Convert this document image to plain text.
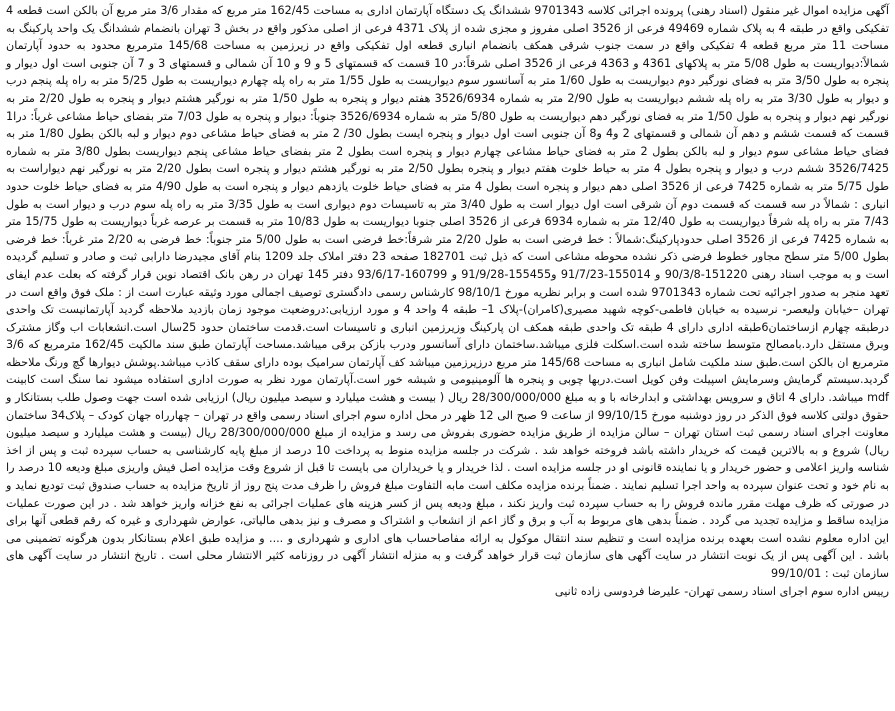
آگهی مزایده اموال غیر منقول (اسناد رهنی) پرونده اجرائی کلاسه 9701343 ششدانگ یک دستگاه آپارتمان اداری به مساحت 162/45 متر مربع که مقدار 3/6 متر مربع آن بالکن است قطعه 4 تفکیکی واقع در طبقه 4 به پلاک شماره 49469 فرعی از 3526 اصلی مفروز و مجزی شده از پلاک 4371 فرعی از اصلی مذکور واقع در بخش 3 تهران بانضمام ششدانگ یک واحد پارکینگ به مساحت 11 متر مربع قطعه 4 تفکیکی واقع در سمت جنوب شرقی همکف بانضمام انباری قطعه اول تفکیکی واقع در زیرزمین به مساحت 145/68 مترمربع محدود به حدود آپارتمان شمالاً:دیواریست به طول 5/08 متر به پلاکهای 4361 و 4363 فرعی از 3526 اصلی شرقاً:در 10 قسمت که قسمتهای 5 و 9 و 10 آن شمالی و قسمتهای 3 و 7 آن جنوبی است اول دیوار و پنجره به طول 3/50 متر به فضای نورگیر دوم دیواریست به طول 1/60 متر به آسانسور سوم دیواریست به طول 1/55 متر به راه پله چهارم دیواریست به طول 5/25 متر به راه پله پنجم درب و دیوار به طول 3/30 متر به راه پله ششم دیواریست به طول 2/90 متر به شماره 3526/6934 هفتم دیوار و پنجره به طول 1/50 متر به نورگیر هشتم دیوار و پنجره به طول 2/20 متر به نورگیر نهم دیوار و پنجره به طول 1/50 متر به فضای نورگیر دهم دیواریست به طول 5/80 متر به شماره 3526/6934 جنوباً: دیوار و پنجره به طول 7/03 متر بفضای حیاط مشاعی غرباً: درا1 قسمت که قسمت ششم و دهم آن شمالی و قسمتهای 2 و4 و8 آن جنوبی است اول دیوار و پنجره ایست بطول 30/ 2 متر به فضای حیاط مشاعی دوم دیوار و لبه بالکن بطول 1/80 متر به فضای حیاط مشاعی سوم دیوار و لبه بالکن بطول 2 متر به فضای حیاط مشاعی چهارم دیوار و پنجره است بطول 2 متر بفضای حیاط مشاعی پنجم دیواریست بطول 3/80 متر به شماره 3526/7425 ششم درب و دیوار و پنجره بطول 4 متر به حیاط خلوت هفتم دیوار و پنجره بطول 2/50 متر به نورگیر هشتم دیوار و پنجره است بطول 2/20 متر به نورگیر نهم دیواراست به طول 5/75 متر به شماره 7425 فرعی از 3526 اصلی دهم دیوار و پنجره است بطول 4 متر به فضای حیاط خلوت یازدهم دیوار و پنجره است به طول 4/90 متر به فضای حیاط خلوت حدود انباری : شمالاً در سه قسمت که قسمت دوم آن شرقی است اول دیوار است به طول 3/40 متر به تاسیسات دوم دیواری است به طول 3/35 متر به راه پله سوم درب و دیوار است به طول 7/43 متر به راه پله شرقاً دیواریست به طول 12/40 متر به شماره 6934 فرعی از 3526 اصلی جنوبا دیواریست به طول 10/83 متر به قسمت بر عرصه غرباً دیواریست به طول 15/75 متر به شماره 7425 فرعی از 3526 اصلی حدودپارکینگ:شمالاً : خط فرضی است به طول 2/20 متر شرقاً:خط فرضی است به طول 5/00 متر جنوباً: خط فرضی به 2/20 متر غرباً: خط فرضی بطول 5/00 متر سطح مجاور خطوط فرضی ذکر نشده محوطه مشاعی است که ذیل ثبت 182701 صفحه 23 دفتر املاک جلد 1209 بنام آقای مجیدرضا دارابی ثبت و صادر و تسلیم گردیده است و به موجب اسناد رهنی 151220-90/3/8 و 155014-91/7/23 و155455-91/9/28 و 160799-93/6/17 دفتر 145 تهران در رهن بانک اقتصاد نوین قرار گرفته که بعلت عدم ایفای تعهد منجر به صدور اجرائیه تحت شماره 9701343 شده است و برابر نظریه مورخ 98/10/1 کارشناس رسمی دادگستری توصیف اجمالی مورد وثیقه عبارت است از : ملک فوق واقع است در تهران –خیابان ولیعصر- نرسیده به خیابان فاطمی-کوچه شهید مصیری(کامران)-پلاک 1– طبقه 4 واحد 4 و مورد ارزیابی:دروضعیت موجود زمان بازدید ملاحظه گردید آپارتمانیست تک واحدی درطبقه چهارم ازساختمان6طبقه اداری دارای 4 طبقه تک واحدی طبقه همکف ان پارکینگ وزیرزمین انباری و تاسیسات است.قدمت ساختمان حدود 25سال است.انشعابات اب وگاز مشترک وبرق مستقل دارد.بامصالح متوسط ساخته شده است.اسکلت فلزی میباشد.ساختمان دارای آسانسور ودرب بازکن برقی میباشد.مساحت آپارتمان طبق سند مالکیت 162/45 مترمربع که 3/6 مترمربع ان بالکن است.طبق سند ملکیت شامل انباری به مساحت 145/68 متر مربع درزیرزمین میباشد کف آپارتمان سرامیک بوده دارای سقف کاذب میباشد.پوشش دیوارها گچ ورنگ ملاحظه گردید.سیستم گرمایش وسرمایش اسپیلت وفن کویل است.دربها چوبی و پنجره ها آلومینیومی و شیشه خور است.آپارتمان مورد نظر به صورت اداری استفاده میشود نما سنگ است کابینت mdf میباشد. دارای 4 اتاق و سرویس بهداشتی و ابدارخانه با و به مبلغ 28/300/000/000 ریال ( بیست و هشت میلیارد و سیصد میلیون ریال) ارزیابی شده است جهت وصول طلب بستانکار و حقوق دولتی کلاسه فوق الذکر در روز دوشنبه مورخ 99/10/15 از ساعت 9 صبح الی 12 ظهر در محل اداره سوم اجرای اسناد رسمی واقع در تهران – چهارراه جهان کودک – پلاک34 ساختمان معاونت اجرای اسناد رسمی ثبت استان تهران – سالن مزایده از طریق مزایده حضوری بفروش می رسد و مزایده از مبلغ 28/300/000/000 ریال (بیست و هشت میلیارد و سیصد میلیون ریال) شروع و به بالاترین قیمت که خریدار داشته باشد فروخته خواهد شد . شرکت در جلسه مزایده منوط به پرداخت 10 درصد از مبلغ پایه کارشناسی به حساب سپرده ثبت و پس از اخذ شناسه واریز اعلامی و حضور خریدار و یا نماینده قانونی او در جلسه مزایده است . لذا خریدار و یا خریداران می بایست تا قبل از شروع وقت مزایده اصل فیش واریزی مبلغ ودیعه 10 درصد را به نام خود و تحت عنوان سپرده به واحد اجرا تسلیم نمایند . ضمناً برنده مزایده مکلف است مابه التفاوت مبلغ فروش را ظرف مدت پنج روز از تاریخ مزایده به حساب صندوق ثبت تودیع نماید و در صورتی که ظرف مهلت مقرر مانده فروش را به حساب سپرده ثبت واریز نکند ، مبلغ ودیعه پس از کسر هزینه های عملیات اجرائی به نفع خزانه واریز خواهد شد . در این صورت عملیات مزایده ساقط و مزایده تجدید می گردد . ضمناً بدهی های مربوط به آب و برق و گاز اعم از انشعاب و اشتراک و مصرف و نیز بدهی مالیاتی، عوارض شهرداری و غیره که رقم قطعی آنها برای این اداره معلوم نشده است بعهده برنده مزایده است و تنظیم سند انتقال موکول به ارائه مفاصاحساب های اداری و شهرداری و .... و مزایده طبق اعلام بستانکار بدون هرگونه تضمینی می باشد . این آگهی پس از یک نوبت انتشار در سایت آگهی های سازمان ثبت قرار خواهد گرفت و به منزله انتشار آگهی در روزنامه کثیر الانتشار محلی است . تاریخ انتشار در سایت آگهی های سازمان ثبت : 99/10/01

رییس اداره سوم اجرای اسناد رسمی تهران- علیرضا فردوسی زاده ثانیی
